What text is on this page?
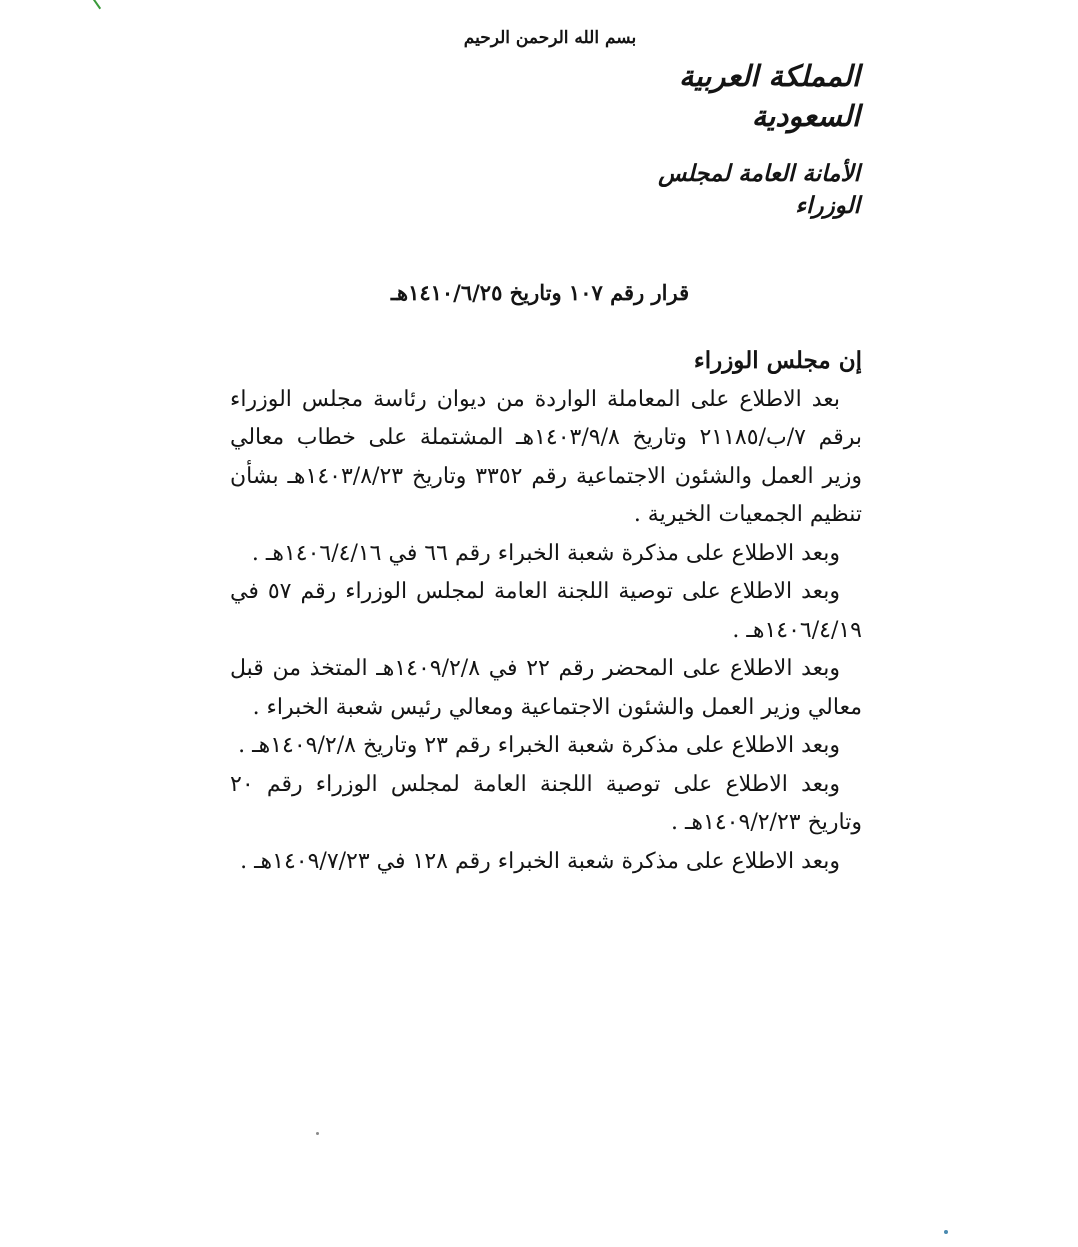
بسم الله الرحمن الرحيم
المملكة العربية السعودية
الأمانة العامة لمجلس الوزراء
قرار رقم ١٠٧ وتاريخ ١٤١٠/٦/٢٥هـ

إن مجلس الوزراء

بعد الاطلاع على المعاملة الواردة من ديوان رئاسة مجلس الوزراء برقم ٧/ب/٢١١٨٥ وتاريخ ١٤٠٣/٩/٨هـ المشتملة على خطاب معالي وزير العمل والشئون الاجتماعية رقم ٣٣٥٢ وتاريخ ١٤٠٣/٨/٢٣هـ بشأن تنظيم الجمعيات الخيرية .

وبعد الاطلاع على مذكرة شعبة الخبراء رقم ٦٦ في ١٤٠٦/٤/١٦هـ .

وبعد الاطلاع على توصية اللجنة العامة لمجلس الوزراء رقم ٥٧ في ١٤٠٦/٤/١٩هـ .

وبعد الاطلاع على المحضر رقم ٢٢ في ١٤٠٩/٢/٨هـ المتخذ من قبل معالي وزير العمل والشئون الاجتماعية ومعالي رئيس شعبة الخبراء .

وبعد الاطلاع على مذكرة شعبة الخبراء رقم ٢٣ وتاريخ ١٤٠٩/٢/٨هـ .

وبعد الاطلاع على توصية اللجنة العامة لمجلس الوزراء رقم ٢٠ وتاريخ ١٤٠٩/٢/٢٣هـ .

وبعد الاطلاع على مذكرة شعبة الخبراء رقم ١٢٨ في ١٤٠٩/٧/٢٣هـ .
